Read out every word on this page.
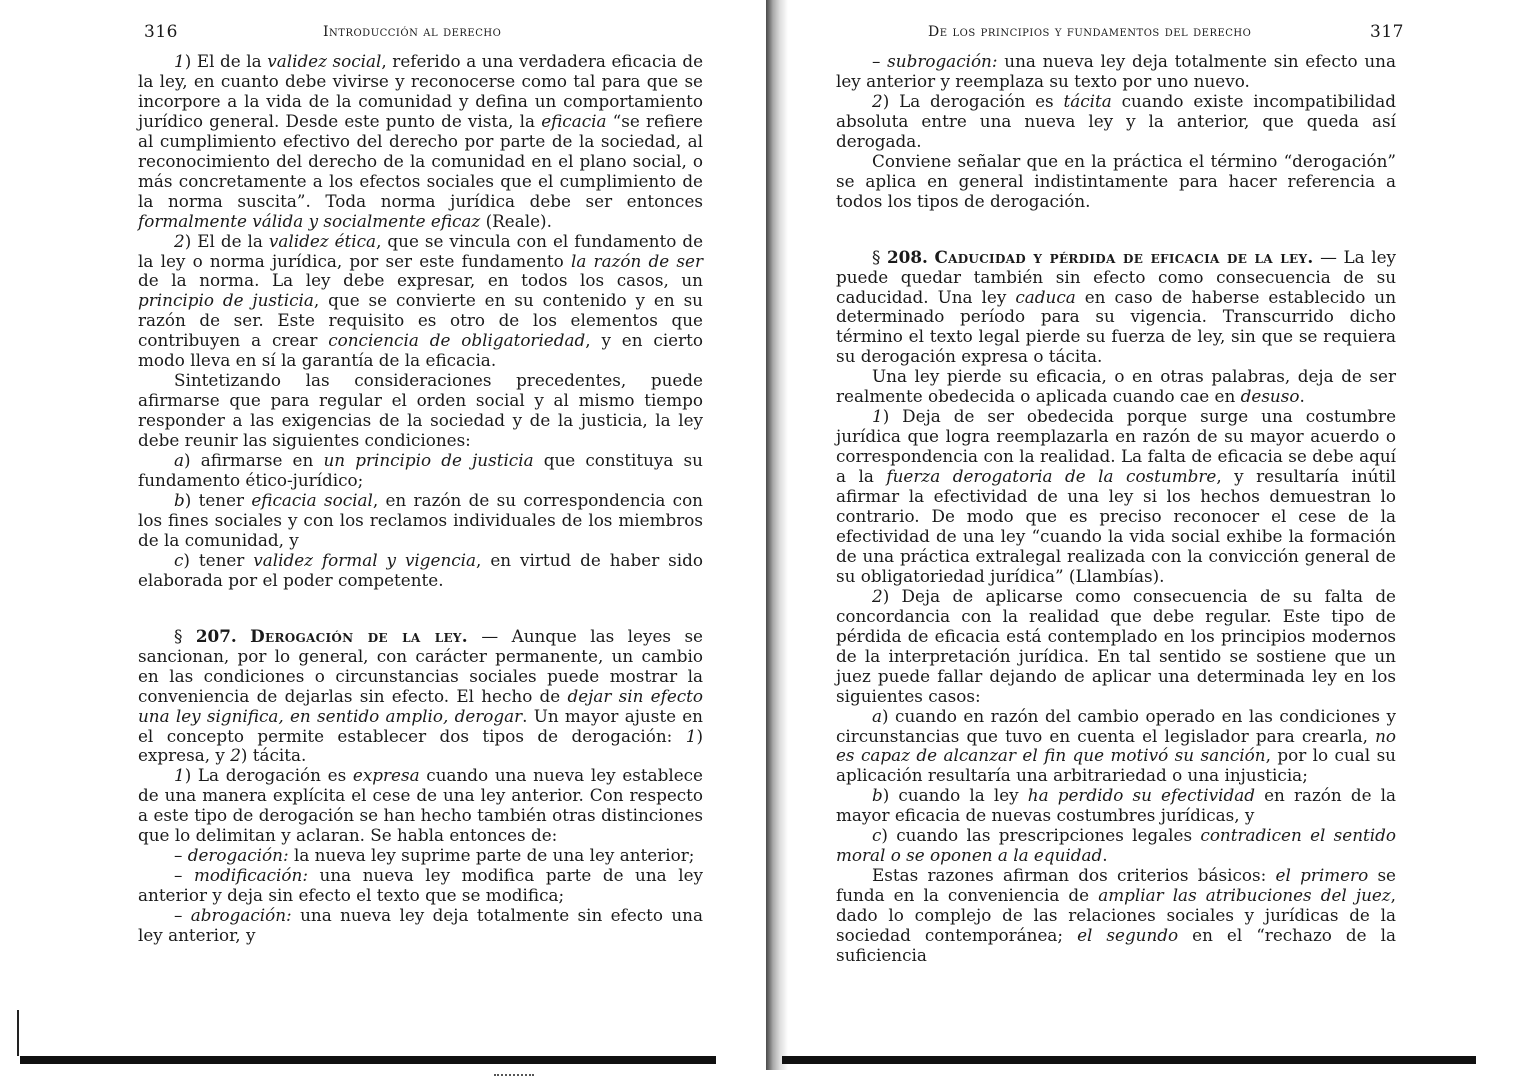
316	Introducción al derecho

1) El de la validez social, referido a una verdadera eficacia de la ley, en cuanto debe vivirse y reconocerse como tal para que se incorpore a la vida de la comunidad y defina un comportamiento jurídico general. Desde este punto de vista, la eficacia “se refiere al cumplimiento efectivo del derecho por parte de la sociedad, al reconocimiento del derecho de la comunidad en el plano social, o más concretamente a los efectos sociales que el cumplimiento de la norma suscita”. Toda norma jurídica debe ser entonces formalmente válida y socialmente eficaz (Reale).

2) El de la validez ética, que se vincula con el fundamento de la ley o norma jurídica, por ser este fundamento la razón de ser de la norma. La ley debe expresar, en todos los casos, un principio de justicia, que se convierte en su contenido y en su razón de ser. Este requisito es otro de los elementos que contribuyen a crear conciencia de obligatoriedad, y en cierto modo lleva en sí la garantía de la eficacia.

Sintetizando las consideraciones precedentes, puede afirmarse que para regular el orden social y al mismo tiempo responder a las exigencias de la sociedad y de la justicia, la ley debe reunir las siguientes condiciones:

a) afirmarse en un principio de justicia que constituya su fundamento ético-jurídico;

b) tener eficacia social, en razón de su correspondencia con los fines sociales y con los reclamos individuales de los miembros de la comunidad, y

c) tener validez formal y vigencia, en virtud de haber sido elaborada por el poder competente.

§ 207. Derogación de la ley. — Aunque las leyes se sancionan, por lo general, con carácter permanente, un cambio en las condiciones o circunstancias sociales puede mostrar la conveniencia de dejarlas sin efecto. El hecho de dejar sin efecto una ley significa, en sentido amplio, derogar. Un mayor ajuste en el concepto permite establecer dos tipos de derogación: 1) expresa, y 2) tácita.

1) La derogación es expresa cuando una nueva ley establece de una manera explícita el cese de una ley anterior. Con respecto a este tipo de derogación se han hecho también otras distinciones que lo delimitan y aclaran. Se habla entonces de:

– derogación: la nueva ley suprime parte de una ley anterior;

– modificación: una nueva ley modifica parte de una ley anterior y deja sin efecto el texto que se modifica;

– abrogación: una nueva ley deja totalmente sin efecto una ley anterior, y

De los principios y fundamentos del derecho	317

– subrogación: una nueva ley deja totalmente sin efecto una ley anterior y reemplaza su texto por uno nuevo.

2) La derogación es tácita cuando existe incompatibilidad absoluta entre una nueva ley y la anterior, que queda así derogada.

Conviene señalar que en la práctica el término “derogación” se aplica en general indistintamente para hacer referencia a todos los tipos de derogación.

§ 208. Caducidad y pérdida de eficacia de la ley. — La ley puede quedar también sin efecto como consecuencia de su caducidad. Una ley caduca en caso de haberse establecido un determinado período para su vigencia. Transcurrido dicho término el texto legal pierde su fuerza de ley, sin que se requiera su derogación expresa o tácita.

Una ley pierde su eficacia, o en otras palabras, deja de ser realmente obedecida o aplicada cuando cae en desuso.

1) Deja de ser obedecida porque surge una costumbre jurídica que logra reemplazarla en razón de su mayor acuerdo o correspondencia con la realidad. La falta de eficacia se debe aquí a la fuerza derogatoria de la costumbre, y resultaría inútil afirmar la efectividad de una ley si los hechos demuestran lo contrario. De modo que es preciso reconocer el cese de la efectividad de una ley “cuando la vida social exhibe la formación de una práctica extralegal realizada con la convicción general de su obligatoriedad jurídica” (Llambías).

2) Deja de aplicarse como consecuencia de su falta de concordancia con la realidad que debe regular. Este tipo de pérdida de eficacia está contemplado en los principios modernos de la interpretación jurídica. En tal sentido se sostiene que un juez puede fallar dejando de aplicar una determinada ley en los siguientes casos:

a) cuando en razón del cambio operado en las condiciones y circunstancias que tuvo en cuenta el legislador para crearla, no es capaz de alcanzar el fin que motivó su sanción, por lo cual su aplicación resultaría una arbitrariedad o una injusticia;

b) cuando la ley ha perdido su efectividad en razón de la mayor eficacia de nuevas costumbres jurídicas, y

c) cuando las prescripciones legales contradicen el sentido moral o se oponen a la equidad.

Estas razones afirman dos criterios básicos: el primero se funda en la conveniencia de ampliar las atribuciones del juez, dado lo complejo de las relaciones sociales y jurídicas de la sociedad contemporánea; el segundo en el “rechazo de la suficiencia
